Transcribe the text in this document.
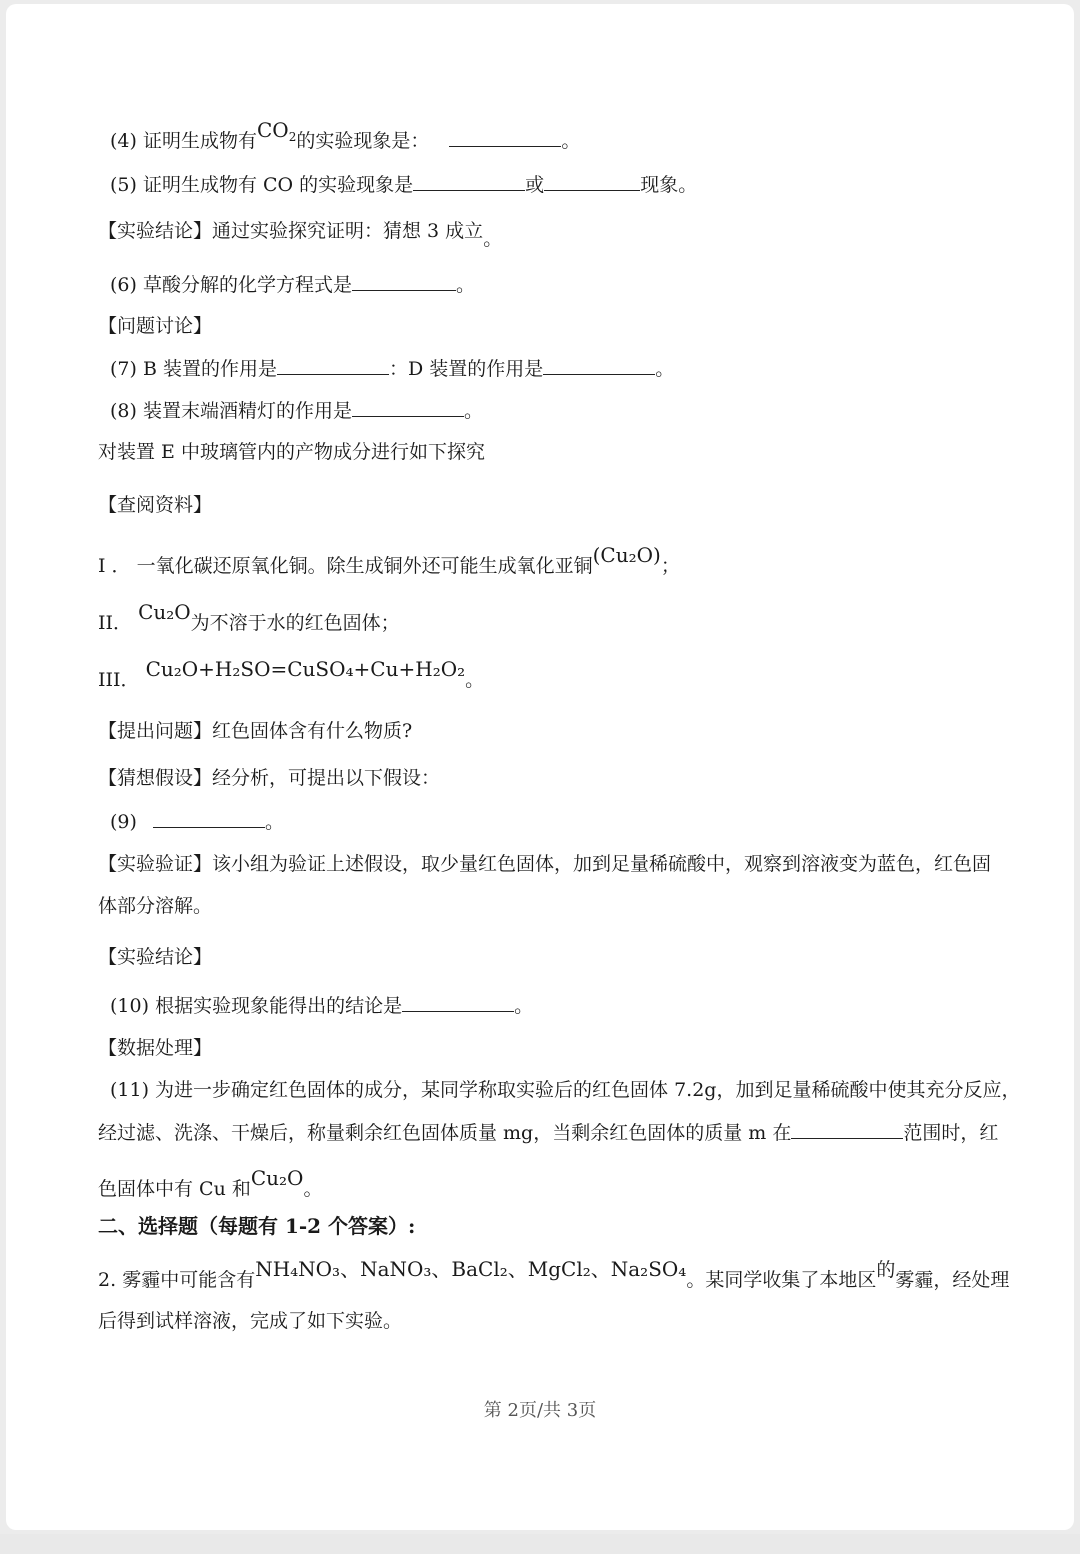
(4) 证明生成物有$CO_2$的实验现象是：	。
(5) 证明生成物有 CO 的实验现象是	或	现象。
【实验结论】通过实验探究证明：猜想 3 成立。
(6) 草酸分解的化学方程式是	。
【问题讨论】
(7) B 装置的作用是	：D 装置的作用是	。
(8) 装置末端酒精灯的作用是	。
对装置 E 中玻璃管内的产物成分进行如下探究
【查阅资料】
I ． 一氧化碳还原氧化铜。除生成铜外还可能生成氧化亚铜(Cu₂O)；
II． Cu₂O为不溶于水的红色固体；
III． Cu₂O+H₂SO=CuSO₄+Cu+H₂O₂。
【提出问题】红色固体含有什么物质?
【猜想假设】经分析，可提出以下假设：
(9)	。
【实验验证】该小组为验证上述假设，取少量红色固体，加到足量稀硫酸中，观察到溶液变为蓝色，红色固
体部分溶解。
【实验结论】
(10) 根据实验现象能得出的结论是	。
【数据处理】
(11) 为进一步确定红色固体的成分，某同学称取实验后的红色固体 7.2g，加到足量稀硫酸中使其充分反应，
经过滤、洗涤、干燥后，称量剩余红色固体质量 mg，当剩余红色固体的质量 m 在	范围时，红
色固体中有 Cu 和Cu₂O。
二、选择题（每题有 1-2 个答案）:
2. 雾霾中可能含有NH₄NO₃、NaNO₃、BaCl₂、MgCl₂、Na₂SO₄。某同学收集了本地区的雾霾，经处理
后得到试样溶液，完成了如下实验。
第 2页/共 3页
